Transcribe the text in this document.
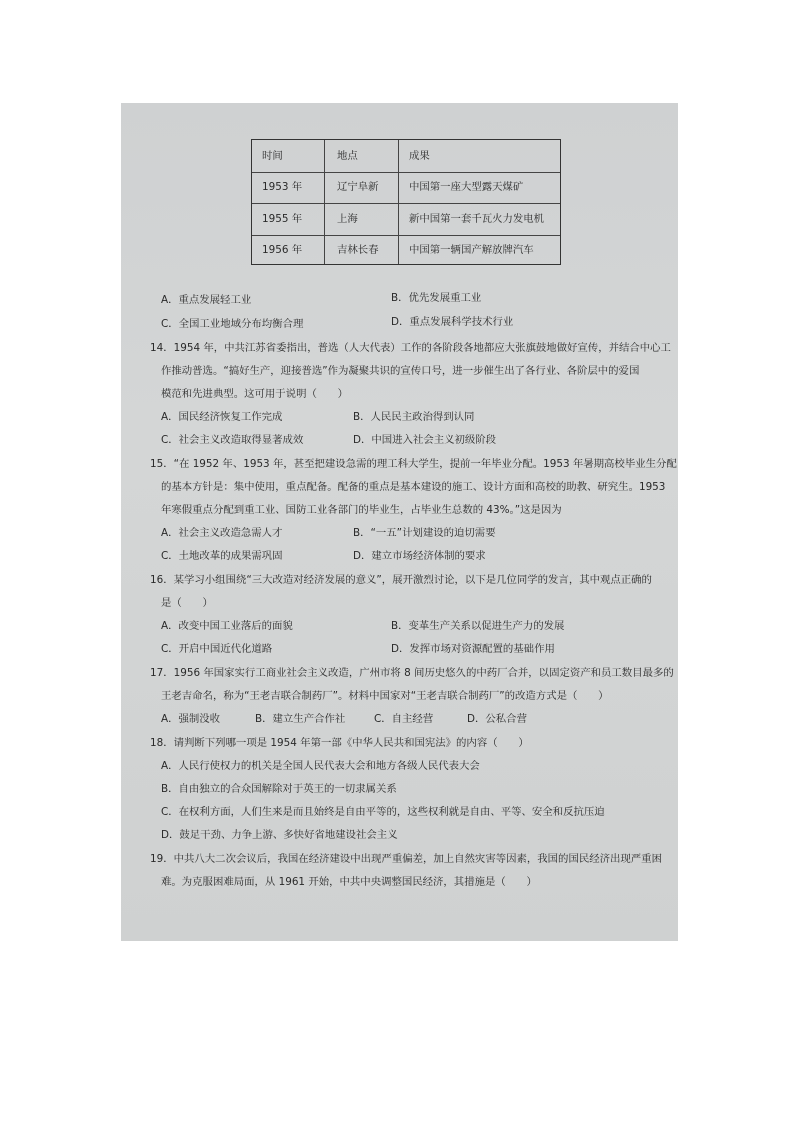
时间	地点	成果
1953 年	辽宁阜新	中国第一座大型露天煤矿
1955 年	上海	新中国第一套千瓦火力发电机
1956 年	吉林长春	中国第一辆国产解放牌汽车
A．重点发展轻工业	B．优先发展重工业
C．全国工业地域分布均衡合理	D．重点发展科学技术行业
14．1954 年，中共江苏省委指出，普选（人大代表）工作的各阶段各地都应大张旗鼓地做好宣传，并结合中心工
作推动普选。“搞好生产，迎接普选”作为凝聚共识的宣传口号，进一步催生出了各行业、各阶层中的爱国
模范和先进典型。这可用于说明（　　）
A．国民经济恢复工作完成	B．人民民主政治得到认同
C．社会主义改造取得显著成效	D．中国进入社会主义初级阶段
15．“在 1952 年、1953 年，甚至把建设急需的理工科大学生，提前一年毕业分配。1953 年暑期高校毕业生分配
的基本方针是：集中使用，重点配备。配备的重点是基本建设的施工、设计方面和高校的助教、研究生。1953
年寒假重点分配到重工业、国防工业各部门的毕业生，占毕业生总数的 43%。”这是因为
A．社会主义改造急需人才	B．“一五”计划建设的迫切需要
C．土地改革的成果需巩固	D．建立市场经济体制的要求
16．某学习小组围绕“三大改造对经济发展的意义”，展开激烈讨论，以下是几位同学的发言，其中观点正确的
是（　　）
A．改变中国工业落后的面貌	B．变革生产关系以促进生产力的发展
C．开启中国近代化道路	D．发挥市场对资源配置的基础作用
17．1956 年国家实行工商业社会主义改造，广州市将 8 间历史悠久的中药厂合并，以固定资产和员工数目最多的
王老吉命名，称为“王老吉联合制药厂”。材料中国家对“王老吉联合制药厂”的改造方式是（　　）
A．强制没收	B．建立生产合作社	C．自主经营	D．公私合营
18．请判断下列哪一项是 1954 年第一部《中华人民共和国宪法》的内容（　　）
A．人民行使权力的机关是全国人民代表大会和地方各级人民代表大会
B．自由独立的合众国解除对于英王的一切隶属关系
C．在权利方面，人们生来是而且始终是自由平等的，这些权利就是自由、平等、安全和反抗压迫
D．鼓足干劲、力争上游、多快好省地建设社会主义
19．中共八大二次会议后，我国在经济建设中出现严重偏差，加上自然灾害等因素，我国的国民经济出现严重困
难。为克服困难局面，从 1961 开始，中共中央调整国民经济，其措施是（　　）
